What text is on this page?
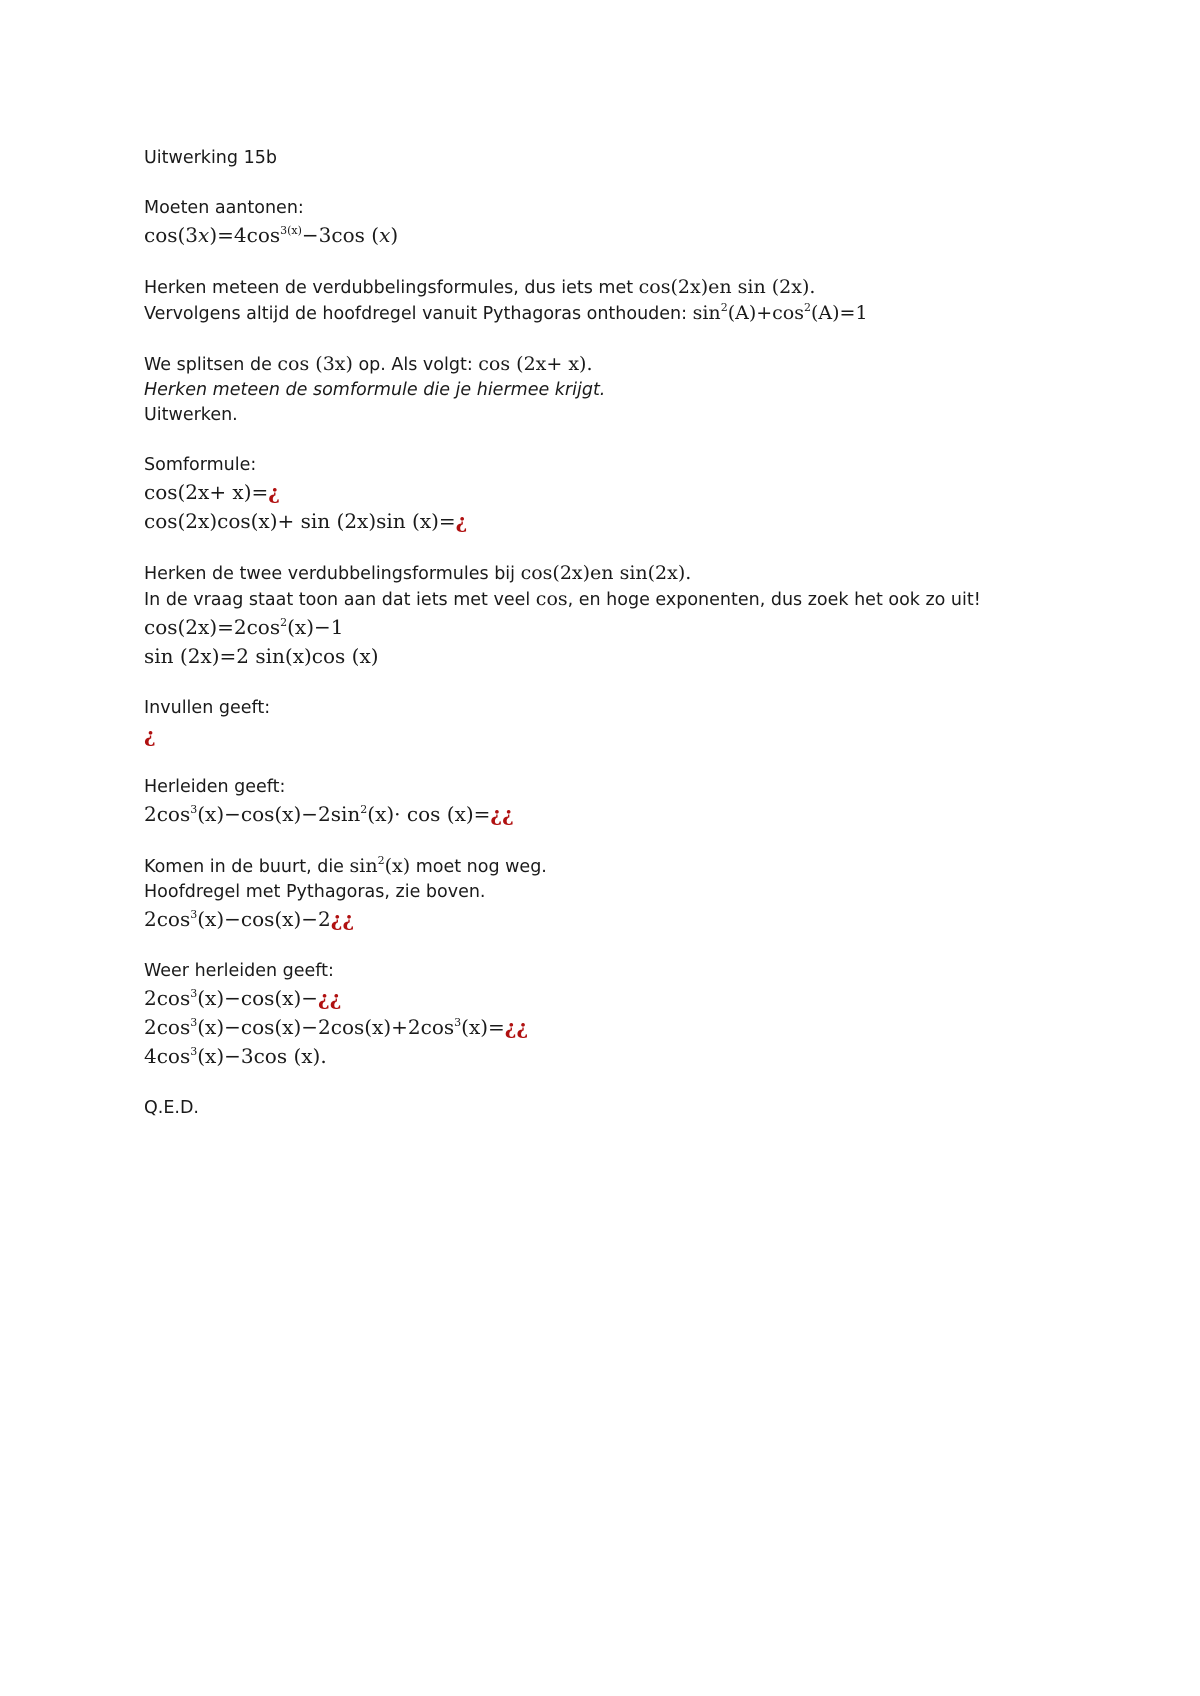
Uitwerking 15b

Moeten aantonen:

$\cos(3x)=4\cos^{3(x)}-3\cos$ (x)

Herken meteen de verdubbelingsformules, dus iets met cos(2x)en sin (2x).

Vervolgens altijd de hoofdregel vanuit Pythagoras onthouden: $\sin^2(A)+\cos^2(A)=1$

We splitsen de cos (3x) op. Als volgt: cos (2x+ x).

Herken meteen de somformule die je hiermee krijgt.

Uitwerken.

Somformule:

cos(2x+ x)=¿

cos(2x)cos(x)+ sin (2x)sin (x)=¿

Herken de twee verdubbelingsformules bij cos(2x)en sin(2x).

In de vraag staat toon aan dat iets met veel cos, en hoge exponenten, dus zoek het ook zo uit!

$\cos(2x)=2\cos^2(x)-1$

sin (2x)=2 sin(x)cos (x)

Invullen geeft:

¿

Herleiden geeft:

$2\cos^3(x)-\cos(x)-2\sin^2(x)\cdot \cos$ (x)=¿¿

Komen in de buurt, die $\sin^2(x)$ moet nog weg.

Hoofdregel met Pythagoras, zie boven.

$2\cos^3(x)-\cos(x)-2¿¿$

Weer herleiden geeft:

$2\cos^3(x)-\cos(x)-¿¿$

$2\cos^3(x)-\cos(x)-2\cos(x)+2\cos^3(x)=¿¿$

$4\cos^3(x)-3\cos$ (x).

Q.E.D.
